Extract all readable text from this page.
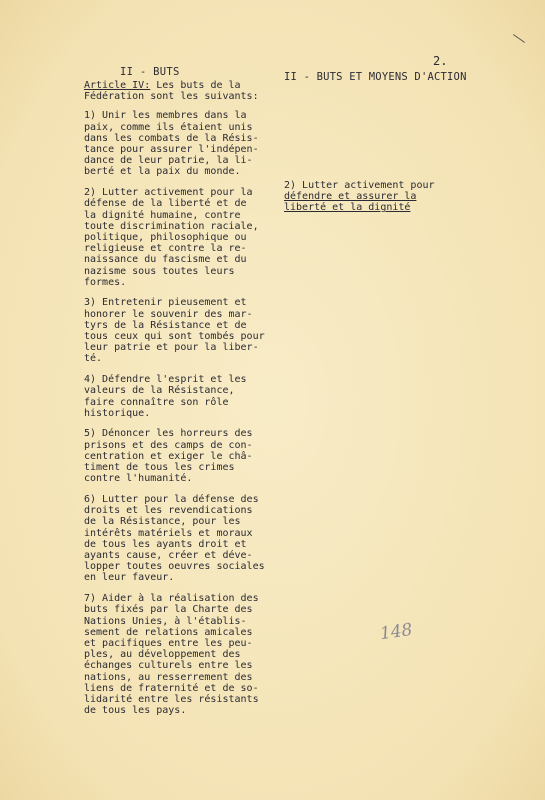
2.
II - BUTS	II - BUTS ET MOYENS D'ACTION
Article IV: Les buts de la
Fédération sont les suivants:
1) Unir les membres dans la
paix, comme ils étaient unis
dans les combats de la Résis-
tance pour assurer l'indépen-
dance de leur patrie, la li-
berté et la paix du monde.
2) Lutter activement pour la
défense de la liberté et de
la dignité humaine, contre
toute discrimination raciale,
politique, philosophique ou
religieuse et contre la re-
naissance du fascisme et du
nazisme sous toutes leurs
formes.
3) Entretenir pieusement et
honorer le souvenir des mar-
tyrs de la Résistance et de
tous ceux qui sont tombés pour
leur patrie et pour la liber-
té.
4) Défendre l'esprit et les
valeurs de la Résistance,
faire connaître son rôle
historique.
5) Dénoncer les horreurs des
prisons et des camps de con-
centration et exiger le châ-
timent de tous les crimes
contre l'humanité.
6) Lutter pour la défense des
droits et les revendications
de la Résistance, pour les
intérêts matériels et moraux
de tous les ayants droit et
ayants cause, créer et déve-
lopper toutes oeuvres sociales
en leur faveur.
7) Aider à la réalisation des
buts fixés par la Charte des
Nations Unies, à l'établis-
sement de relations amicales
et pacifiques entre les peu-
ples, au développement des
échanges culturels entre les
nations, au resserrement des
liens de fraternité et de so-
lidarité entre les résistants
de tous les pays.
2) Lutter activement pour
défendre et assurer la
liberté et la dignité
148
